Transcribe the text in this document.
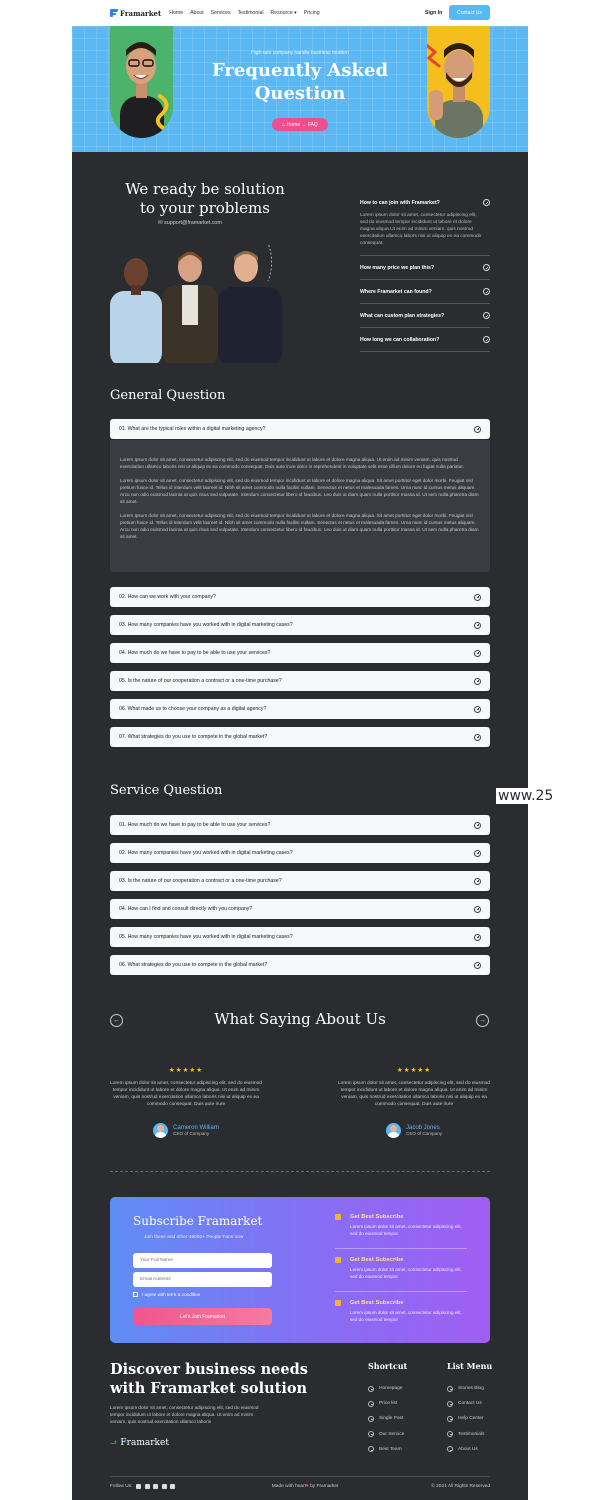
Framarket Home About Services Testimonial Resource ▾ Pricing	Sign In	Contact Us
High rate company handle business modern
Frequently Asked
Question
⌂ Home → FAQ
We ready be solution
to your problems
✉ support@framarket.com
How to can join with Framarket?
Lorem ipsum dolor sit amet, consectetur adipiscing elit, sed do eiusmod tempor incididunt ut labore et dolore magna aliqua.Ut enim ad minim veniam, quis nostrud exercitation ullamco labors nisi ut aliquip ex ea commodo consequat.
How many price we plan this?
Where Framarket can found?
What can custom plan strategies?
How long we can collaboration?
General Question
01. What are the typical roles within a digital marketing agency?

Lorem ipsum dolor sit amet, consectetur adipiscing elit, sed do eiusmod tempor incididunt ut labore et dolore magna aliqua. Ut enim ad minim veniam, quis nostrud exercitation ullamco laboris nisi ut aliquip ex ea commodo consequat. Duis aute irure dolor in reprehenderit in voluptate velit esse cillum dolore eu fugiat nulla pariatur.

Lorem ipsum dolor sit amet, consectetur adipiscing elit, sed do eiusmod tempor incididunt ut labore et dolore magna aliqua. Sit amet porttitor eget dolor morbi. Feugiat nisl pretium fusce id. Tellus id interdum velit laoreet id. Nibh sit amet commodo nulla facilisi nullam. Senectus et netus et malesuada fames. Urna nunc id cursus metus aliquam. Arcu non odio euismod lacinia at quis risus sed vulputate. Interdum consectetur libero id faucibus. Leo duis ut diam quam nulla porttitor massa id. Ut sem nulla pharetra diam sit amet.

Lorem ipsum dolor sit amet, consectetur adipiscing elit, sed do eiusmod tempor incididunt ut labore et dolore magna aliqua. Sit amet porttitor eget dolor morbi. Feugiat nisl pretium fusce id. Tellus id interdum velit laoreet id. Nibh sit amet commodo nulla facilisi nullam. Senectus et netus et malesuada fames. Urna nunc id cursus metus aliquam. Arcu non odio euismod lacinia at quis risus sed vulputate. Interdum consectetur libero id faucibus. Leo duis ut diam quam nulla porttitor massa id. Ut sem nulla pharetra diam sit amet.

02. How can we work with your company?
03. How many companies have you worked with in digital marketing cases?
04. How much do we have to pay to be able to use your services?
05. Is the nature of our cooperation a contract or a one-time purchase?
06. What made us to choose your company as a digital agency?
07. What strategies do you use to compete in the global market?
Service Question
01. How much do we have to pay to be able to use your services?
02. How many companies have you worked with in digital marketing cases?
03. Is the nature of our cooperation a contract or a one-time purchase?
04. How can I find and consult directly with you company?
05. How many companies have you worked with in digital marketing cases?
06. What strategies do you use to compete in the global market?
←	What Saying About Us	→
★★★★★
Lorem ipsum dolor sit amet, consectetur adipiscing elit, sed do eiusmod tempor incididunt ut labore et dolore magna aliqua. Ut enim ad minim veniam, quis nostrud exercitation ullamco laboris nisi ut aliquip ex ea commodo consequat. Duis aute irure
Cameron William
CEO of Company
★★★★★
Lorem ipsum dolor sit amet, consectetur adipiscing elit, sed do eiusmod tempor incididunt ut labore et dolore magna aliqua. Ut enim ad minim veniam, quis nostrud exercitation ullamco laboris nisi ut aliquip ex ea commodo consequat. Duis aute irure
Jacob Jones
CEO of Company
Subscribe Framarket
Join these and other 45000+ People Fans now
Your Full Name
Email Address
I agree with term & condition
Let's Join Framarket
Get Best Subscribe
Lorem ipsum dolor sit amet, consectetur adipiscing elit, sed do eiusmod tempor
Get Best Subscribe
Lorem ipsum dolor sit amet, consectetur adipiscing elit, sed do eiusmod tempor
Get Best Subscribe
Lorem ipsum dolor sit amet, consectetur adipiscing elit, sed do eiusmod tempor
Discover business needs
with Framarket solution
Lorem ipsum dolor sit amet, consectetur adipiscing elit, sed do eiusmod tempor incididunt ut labore et dolore magna aliqua. Ut enim ad minim veniam, quis nostrud exercitation ullamco laboris
⬏ Framarket
Shortcut
Homepage
Price list
Single Post
Our Service
Best Team
List Menu
Stories Blog
Contact Us
Help Center
Testimonials
About Us
Follow Us:	Made with heart♥ by Framarket	© 2021 All Rights Reserved
www.25
